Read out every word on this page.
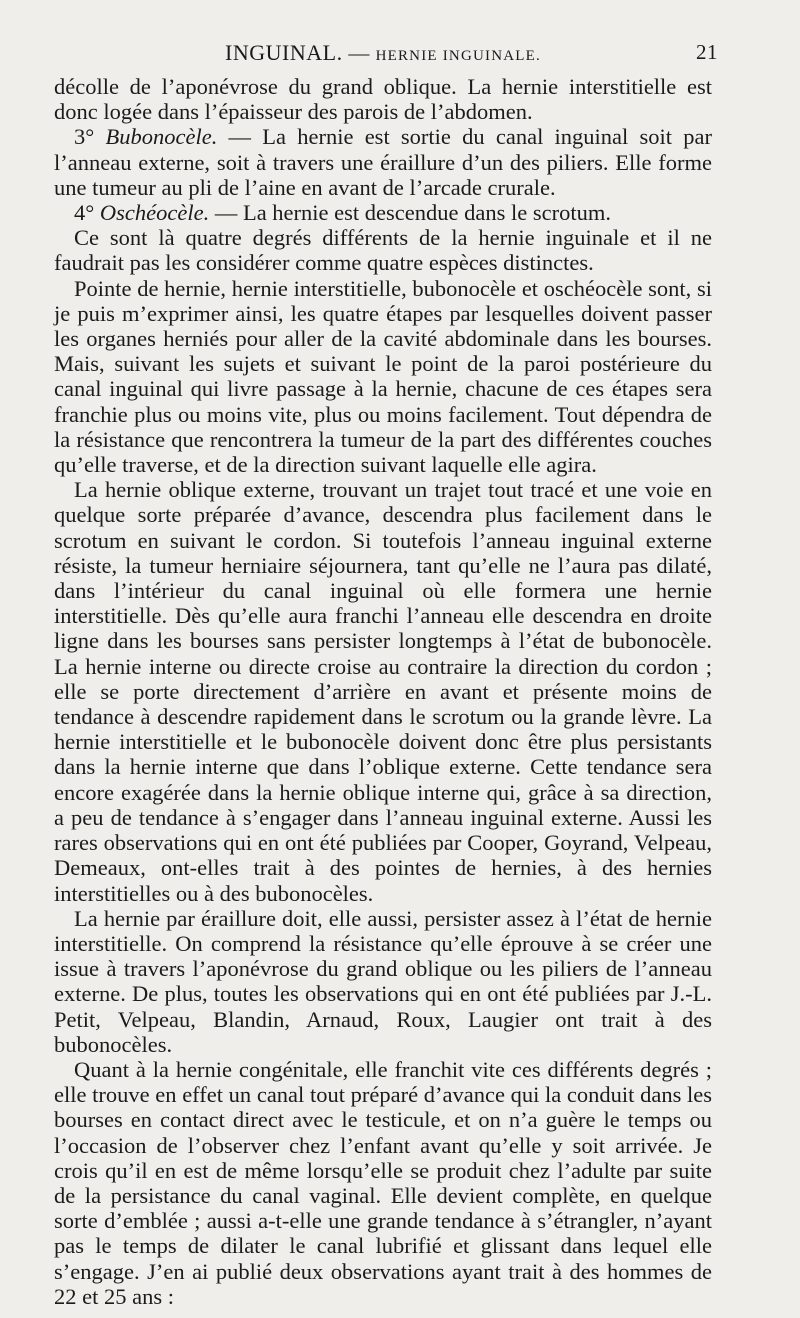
INGUINAL. — HERNIE INGUINALE.	21

décolle de l’aponévrose du grand oblique. La hernie interstitielle est donc logée dans l’épaisseur des parois de l’abdomen.

3° Bubonocèle. — La hernie est sortie du canal inguinal soit par l’anneau externe, soit à travers une éraillure d’un des piliers. Elle forme une tumeur au pli de l’aine en avant de l’arcade crurale.

4° Oschéocèle. — La hernie est descendue dans le scrotum.

Ce sont là quatre degrés différents de la hernie inguinale et il ne faudrait pas les considérer comme quatre espèces distinctes.

Pointe de hernie, hernie interstitielle, bubonocèle et oschéocèle sont, si je puis m’exprimer ainsi, les quatre étapes par lesquelles doivent passer les organes herniés pour aller de la cavité abdominale dans les bourses. Mais, suivant les sujets et suivant le point de la paroi postérieure du canal inguinal qui livre passage à la hernie, chacune de ces étapes sera franchie plus ou moins vite, plus ou moins facilement. Tout dépendra de la résistance que rencontrera la tumeur de la part des différentes couches qu’elle traverse, et de la direction suivant laquelle elle agira.

La hernie oblique externe, trouvant un trajet tout tracé et une voie en quelque sorte préparée d’avance, descendra plus facilement dans le scrotum en suivant le cordon. Si toutefois l’anneau inguinal externe résiste, la tumeur herniaire séjournera, tant qu’elle ne l’aura pas dilaté, dans l’intérieur du canal inguinal où elle formera une hernie interstitielle. Dès qu’elle aura franchi l’anneau elle descendra en droite ligne dans les bourses sans persister longtemps à l’état de bubonocèle. La hernie interne ou directe croise au contraire la direction du cordon ; elle se porte directement d’arrière en avant et présente moins de tendance à descendre rapidement dans le scrotum ou la grande lèvre. La hernie interstitielle et le bubonocèle doivent donc être plus persistants dans la hernie interne que dans l’oblique externe. Cette tendance sera encore exagérée dans la hernie oblique interne qui, grâce à sa direction, a peu de tendance à s’engager dans l’anneau inguinal externe. Aussi les rares observations qui en ont été publiées par Cooper, Goyrand, Velpeau, Demeaux, ont-elles trait à des pointes de hernies, à des hernies interstitielles ou à des bubonocèles.

La hernie par éraillure doit, elle aussi, persister assez à l’état de hernie interstitielle. On comprend la résistance qu’elle éprouve à se créer une issue à travers l’aponévrose du grand oblique ou les piliers de l’anneau externe. De plus, toutes les observations qui en ont été publiées par J.-L. Petit, Velpeau, Blandin, Arnaud, Roux, Laugier ont trait à des bubonocèles.

Quant à la hernie congénitale, elle franchit vite ces différents degrés ; elle trouve en effet un canal tout préparé d’avance qui la conduit dans les bourses en contact direct avec le testicule, et on n’a guère le temps ou l’occasion de l’observer chez l’enfant avant qu’elle y soit arrivée. Je crois qu’il en est de même lorsqu’elle se produit chez l’adulte par suite de la persistance du canal vaginal. Elle devient complète, en quelque sorte d’emblée ; aussi a-t-elle une grande tendance à s’étrangler, n’ayant pas le temps de dilater le canal lubrifié et glissant dans lequel elle s’engage. J’en ai publié deux observations ayant trait à des hommes de 22 et 25 ans :
